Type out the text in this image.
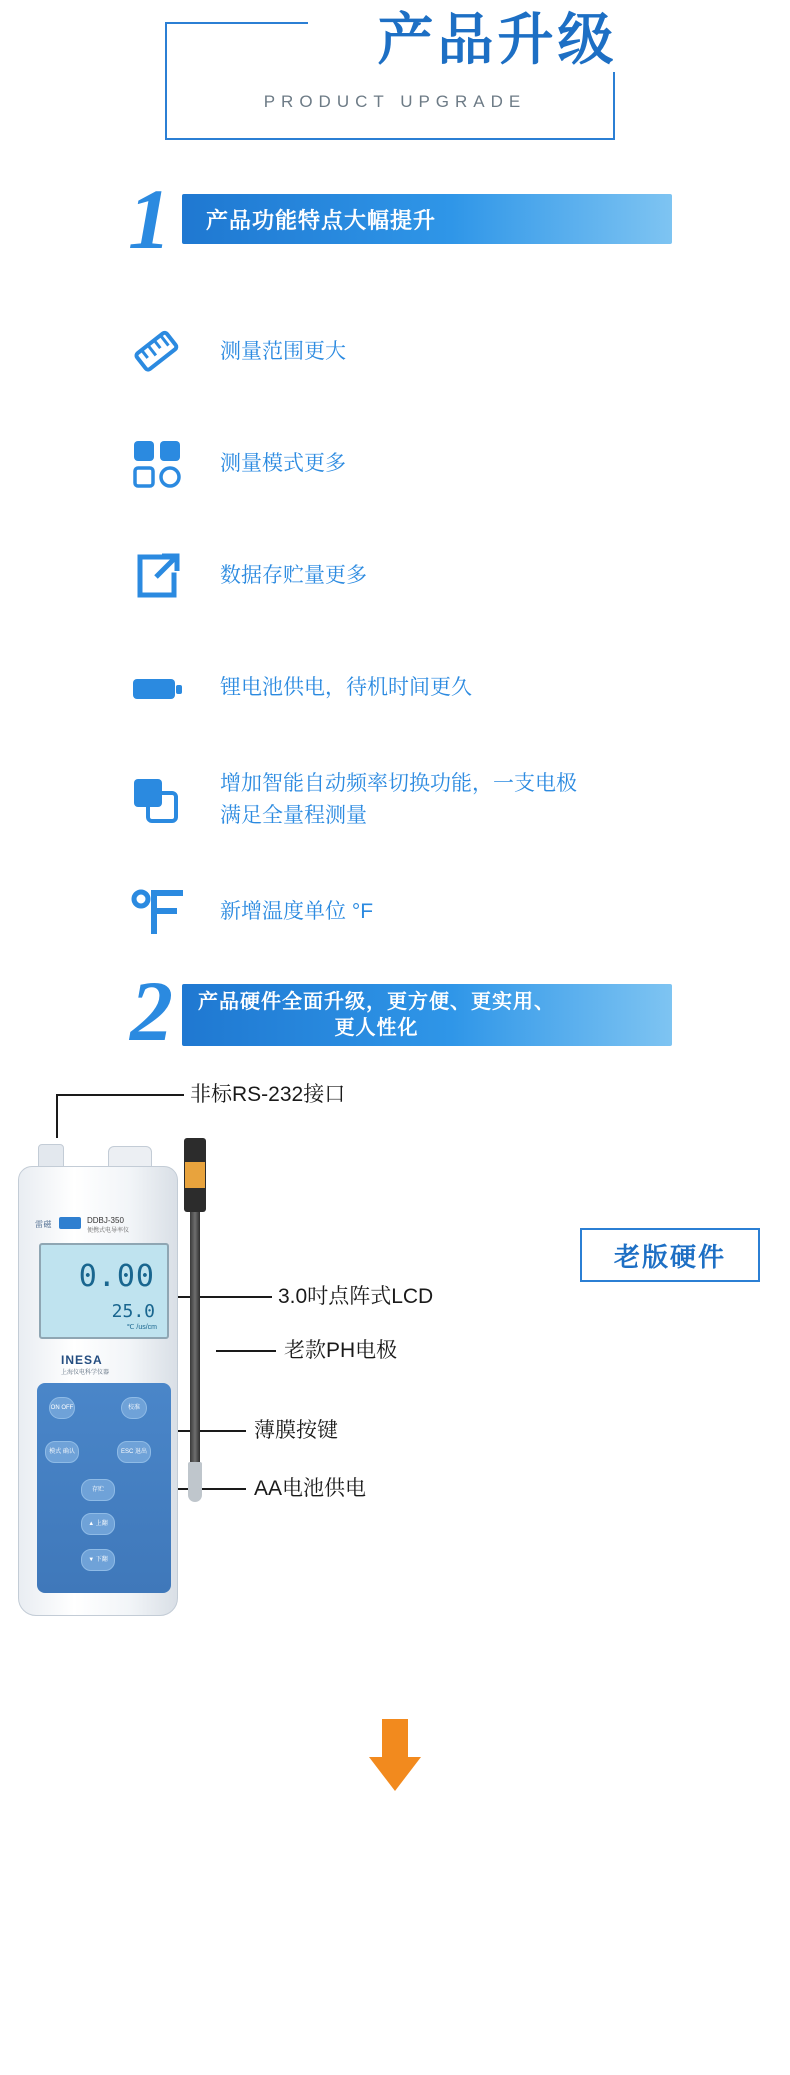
产品升级
PRODUCT UPGRADE
1	产品功能特点大幅提升
测量范围更大
测量模式更多
数据存贮量更多
锂电池供电，待机时间更久
增加智能自动频率切换功能，一支电极
满足全量程测量
新增温度单位 °F
2 产品硬件全面升级，更方便、更实用、
更人性化
老版硬件
非标RS-232接口
3.0吋点阵式LCD
老款PH电极
薄膜按键
AA电池供电
雷磁	DDBJ-350
便携式电导率仪
0.00
25.0
℃ /us/cm
INESA
上海仪电科学仪器
ON OFF	校准
模式 确认	ESC 退出
存贮
▲ 上翻
▼ 下翻
